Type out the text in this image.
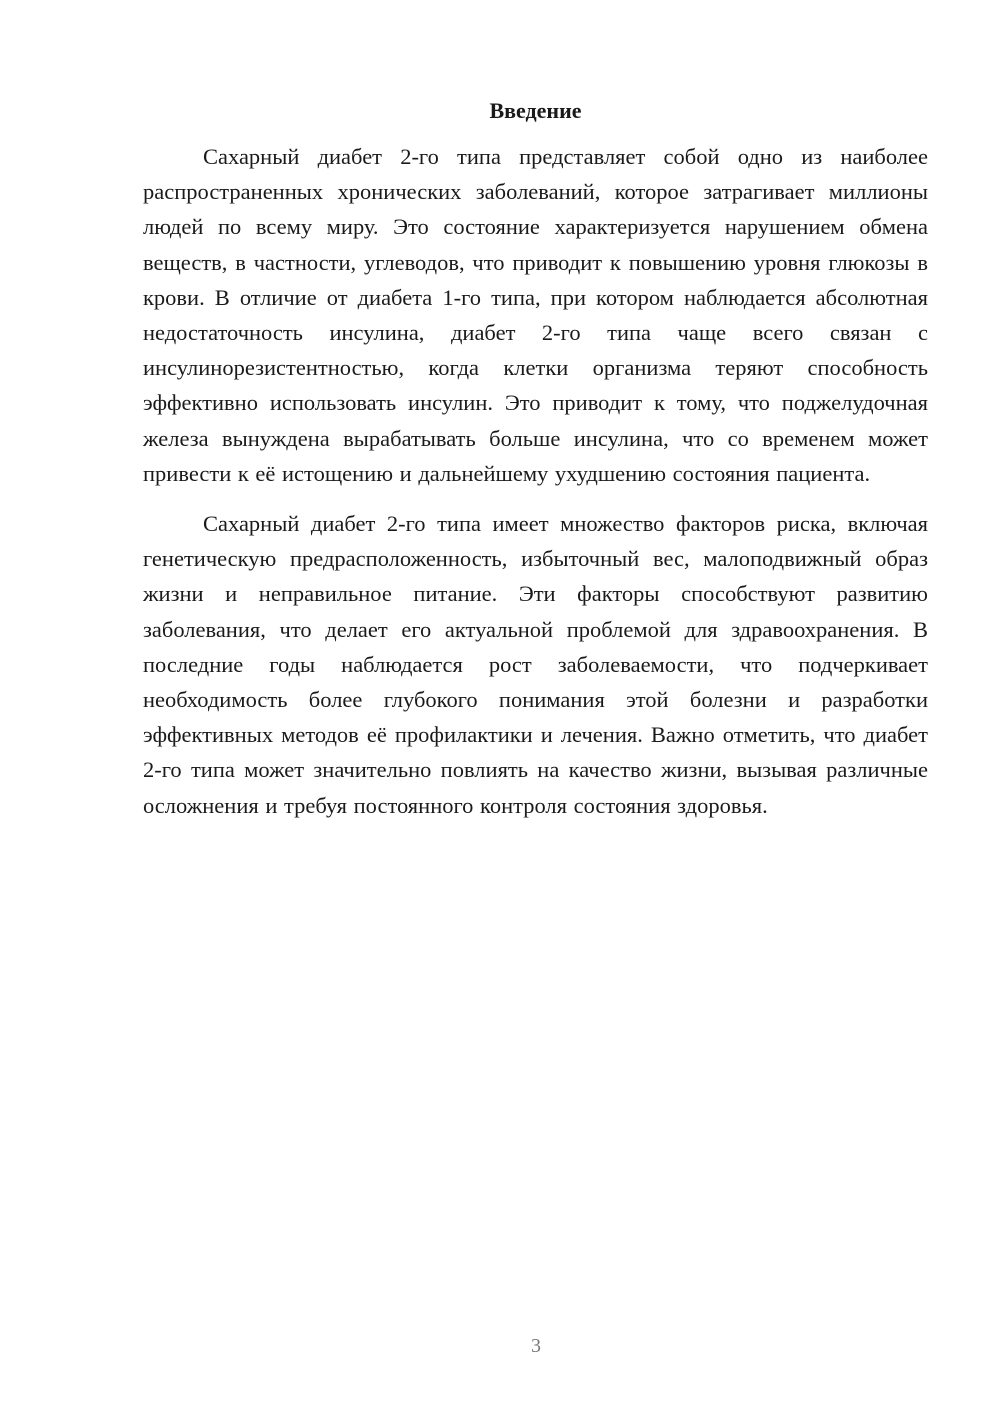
Введение

Сахарный диабет 2-го типа представляет собой одно из наиболее распространенных хронических заболеваний, которое затрагивает миллионы людей по всему миру. Это состояние характеризуется нарушением обмена веществ, в частности, углеводов, что приводит к повышению уровня глюкозы в крови. В отличие от диабета 1-го типа, при котором наблюдается абсолютная недостаточность инсулина, диабет 2-го типа чаще всего связан с инсулинорезистентностью, когда клетки организма теряют способность эффективно использовать инсулин. Это приводит к тому, что поджелудочная железа вынуждена вырабатывать больше инсулина, что со временем может привести к её истощению и дальнейшему ухудшению состояния пациента.

Сахарный диабет 2-го типа имеет множество факторов риска, включая генетическую предрасположенность, избыточный вес, малоподвижный образ жизни и неправильное питание. Эти факторы способствуют развитию заболевания, что делает его актуальной проблемой для здравоохранения. В последние годы наблюдается рост заболеваемости, что подчеркивает необходимость более глубокого понимания этой болезни и разработки эффективных методов её профилактики и лечения. Важно отметить, что диабет 2-го типа может значительно повлиять на качество жизни, вызывая различные осложнения и требуя постоянного контроля состояния здоровья.

3
